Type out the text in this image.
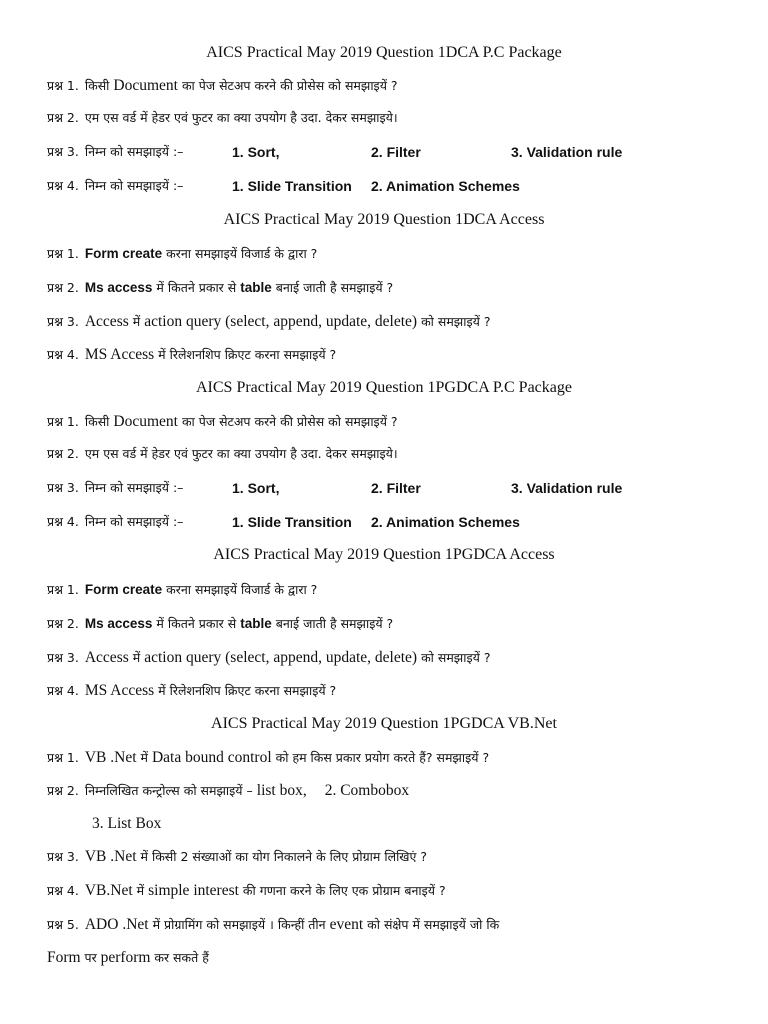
AICS Practical May 2019 Question 1DCA P.C Package
प्रश्न 1. किसी Document का पेज सेटअप करने की प्रोसेस को समझाइयें ?
प्रश्न 2. एम एस वर्ड में हेडर एवं फुटर का क्या उपयोग है उदा. देकर समझाइये।
प्रश्न 3. निम्न को समझाइयें :–	1. Sort,	2. Filter	3. Validation rule
प्रश्न 4. निम्न को समझाइयें :–	1. Slide Transition 2. Animation Schemes
AICS Practical May 2019 Question 1DCA Access
प्रश्न 1. Form create करना समझाइयें विजार्ड के द्वारा ?
प्रश्न 2. Ms access में कितने प्रकार से table बनाई जाती है समझाइयें ?
प्रश्न 3. Access में action query (select, append, update, delete) को समझाइयें ?
प्रश्न 4. MS Access में रिलेशनशिप क्रिएट करना समझाइयें ?
AICS Practical May 2019 Question 1PGDCA P.C Package
प्रश्न 1. किसी Document का पेज सेटअप करने की प्रोसेस को समझाइयें ?
प्रश्न 2. एम एस वर्ड में हेडर एवं फुटर का क्या उपयोग है उदा. देकर समझाइये।
प्रश्न 3. निम्न को समझाइयें :–	1. Sort,	2. Filter	3. Validation rule
प्रश्न 4. निम्न को समझाइयें :–	1. Slide Transition 2. Animation Schemes
AICS Practical May 2019 Question 1PGDCA Access
प्रश्न 1. Form create करना समझाइयें विजार्ड के द्वारा ?
प्रश्न 2. Ms access में कितने प्रकार से table बनाई जाती है समझाइयें ?
प्रश्न 3. Access में action query (select, append, update, delete) को समझाइयें ?
प्रश्न 4. MS Access में रिलेशनशिप क्रिएट करना समझाइयें ?
AICS Practical May 2019 Question 1PGDCA VB.Net
प्रश्न 1. VB .Net में Data bound control को हम किस प्रकार प्रयोग करते हैं? समझाइयें ?
प्रश्न 2. निम्नलिखित कन्ट्रोल्स को समझाइयें – list box, 2. Combobox
3. List Box
प्रश्न 3. VB .Net में किसी 2 संख्याओं का योग निकालने के लिए प्रोग्राम लिखिएं ?
प्रश्न 4. VB.Net में simple interest की गणना करने के लिए एक प्रोग्राम बनाइयें ?
प्रश्न 5. ADO .Net में प्रोग्रामिंग को समझाइयें । किन्हीं तीन event को संक्षेप में समझाइयें जो कि
Form पर perform कर सकते हैं
